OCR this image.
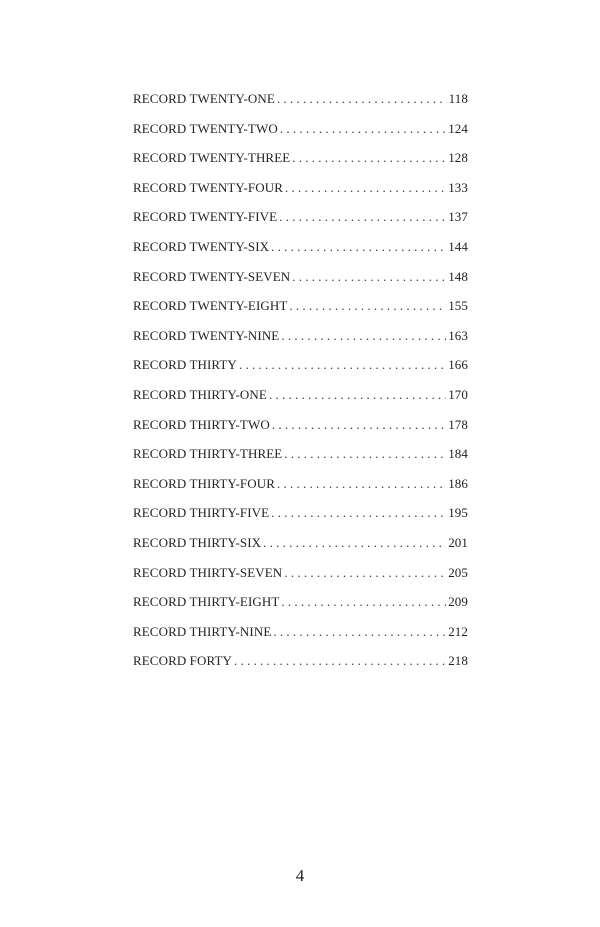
RECORD TWENTY-ONE . . .	118
RECORD TWENTY-TWO . . .	124
RECORD TWENTY-THREE . . .	128
RECORD TWENTY-FOUR . . .	133
RECORD TWENTY-FIVE . . .	137
RECORD TWENTY-SIX . . .	144
RECORD TWENTY-SEVEN . . .	148
RECORD TWENTY-EIGHT . . .	155
RECORD TWENTY-NINE . . .	163
RECORD THIRTY . . .	166
RECORD THIRTY-ONE . . .	170
RECORD THIRTY-TWO . . .	178
RECORD THIRTY-THREE . . .	184
RECORD THIRTY-FOUR . . .	186
RECORD THIRTY-FIVE . . .	195
RECORD THIRTY-SIX . . .	201
RECORD THIRTY-SEVEN . . .	205
RECORD THIRTY-EIGHT . . .	209
RECORD THIRTY-NINE . . .	212
RECORD FORTY . . .	218
4
